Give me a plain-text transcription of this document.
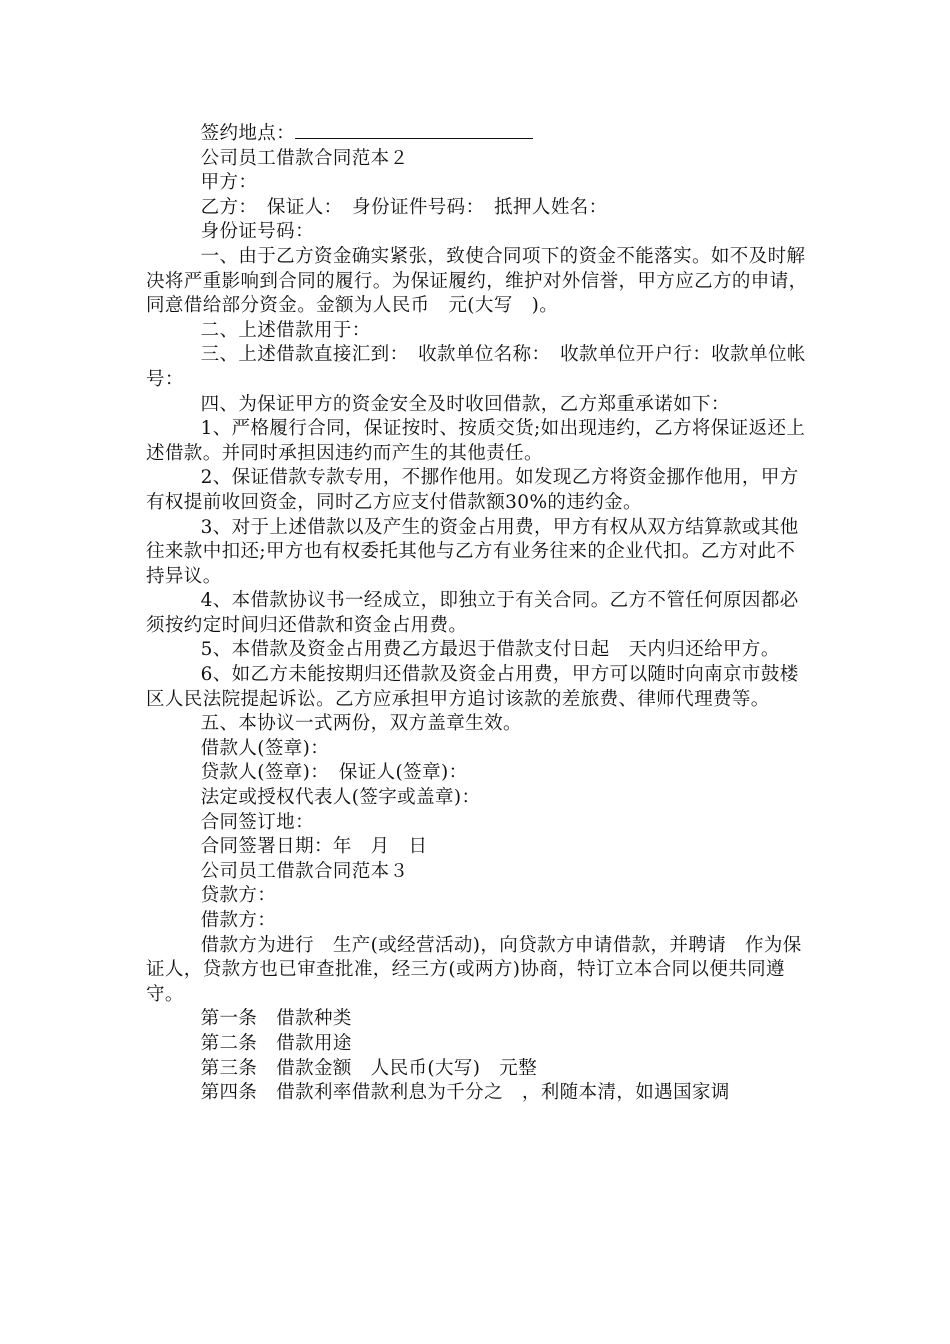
签约地点：

公司员工借款合同范本２

甲方：

乙方：　保证人：　身份证件号码：　抵押人姓名：

身份证号码：

一、由于乙方资金确实紧张，致使合同项下的资金不能落实。如不及时解决将严重影响到合同的履行。为保证履约，维护对外信誉，甲方应乙方的申请，同意借给部分资金。金额为人民币　元(大写　)。

二、上述借款用于：

三、上述借款直接汇到：　收款单位名称：　收款单位开户行：收款单位帐号：

四、为保证甲方的资金安全及时收回借款，乙方郑重承诺如下：

1、严格履行合同，保证按时、按质交货;如出现违约，乙方将保证返还上述借款。并同时承担因违约而产生的其他责任。

2、保证借款专款专用，不挪作他用。如发现乙方将资金挪作他用，甲方有权提前收回资金，同时乙方应支付借款额30%的违约金。

3、对于上述借款以及产生的资金占用费，甲方有权从双方结算款或其他往来款中扣还;甲方也有权委托其他与乙方有业务往来的企业代扣。乙方对此不持异议。

4、本借款协议书一经成立，即独立于有关合同。乙方不管任何原因都必须按约定时间归还借款和资金占用费。

5、本借款及资金占用费乙方最迟于借款支付日起　天内归还给甲方。

6、如乙方未能按期归还借款及资金占用费，甲方可以随时向南京市鼓楼区人民法院提起诉讼。乙方应承担甲方追讨该款的差旅费、律师代理费等。

五、本协议一式两份，双方盖章生效。

借款人(签章)：

贷款人(签章)：　保证人(签章)：

法定或授权代表人(签字或盖章)：

合同签订地：

合同签署日期：年　月　日

公司员工借款合同范本３

贷款方：

借款方：

借款方为进行　生产(或经营活动)，向贷款方申请借款，并聘请　作为保证人，贷款方也已审查批准，经三方(或两方)协商，特订立本合同以便共同遵守。

第一条　借款种类

第二条　借款用途

第三条　借款金额　人民币(大写)　元整

第四条　借款利率借款利息为千分之　，利随本清，如遇国家调
